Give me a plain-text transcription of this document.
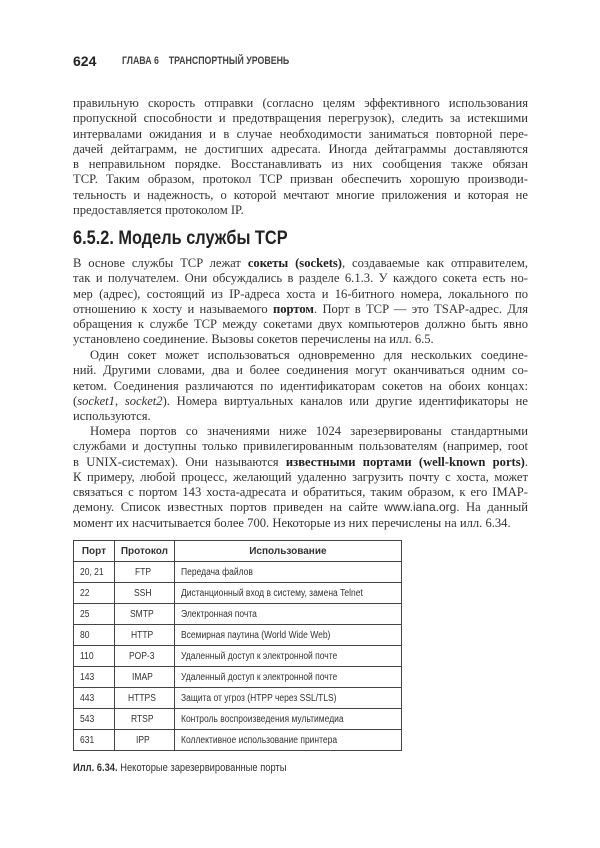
624 ГЛАВА 6    ТРАНСПОРТНЫЙ УРОВЕНЬ
правильную скорость отправки (согласно целям эффективного использования
пропускной способности и предотвращения перегрузок), следить за истекшими
интервалами ожидания и в случае необходимости заниматься повторной пере-
дачей дейтаграмм, не достигших адресата. Иногда дейтаграммы доставляются
в неправильном порядке. Восстанавливать из них сообщения также обязан
TCP. Таким образом, протокол TCP призван обеспечить хорошую производи-
тельность и надежность, о которой мечтают многие приложения и которая не
предоставляется протоколом IP.
6.5.2. Модель службы TCP
В основе службы TCP лежат сокеты (sockets), создаваемые как отправителем,
так и получателем. Они обсуждались в разделе 6.1.3. У каждого сокета есть но-
мер (адрес), состоящий из IP-адреса хоста и 16-битного номера, локального по
отношению к хосту и называемого портом. Порт в TCP — это TSAP-адрес. Для
обращения к службе TCP между сокетами двух компьютеров должно быть явно
установлено соединение. Вызовы сокетов перечислены на илл. 6.5.
Один сокет может использоваться одновременно для нескольких соедине-
ний. Другими словами, два и более соединения могут оканчиваться одним со-
кетом. Соединения различаются по идентификаторам сокетов на обоих концах:
(socket1, socket2). Номера виртуальных каналов или другие идентификаторы не
используются.
Номера портов со значениями ниже 1024 зарезервированы стандартными
службами и доступны только привилегированным пользователям (например, root
в UNIX-системах). Они называются известными портами (well-known ports).
К примеру, любой процесс, желающий удаленно загрузить почту с хоста, может
связаться с портом 143 хоста-адресата и обратиться, таким образом, к его IMAP-
демону. Список известных портов приведен на сайте www.iana.org. На данный
момент их насчитывается более 700. Некоторые из них перечислены на илл. 6.34.
Порт	Протокол	Использование
20, 21	FTP	Передача файлов
22	SSH	Дистанционный вход в систему, замена Telnet
25	SMTP	Электронная почта
80	HTTP	Всемирная паутина (World Wide Web)
110	POP-3	Удаленный доступ к электронной почте
143	IMAP	Удаленный доступ к электронной почте
443	HTTPS	Защита от угроз (HTPP через SSL/TLS)
543	RTSP	Контроль воспроизведения мультимедиа
631	IPP	Коллективное использование принтера
Илл. 6.34. Некоторые зарезервированные порты
